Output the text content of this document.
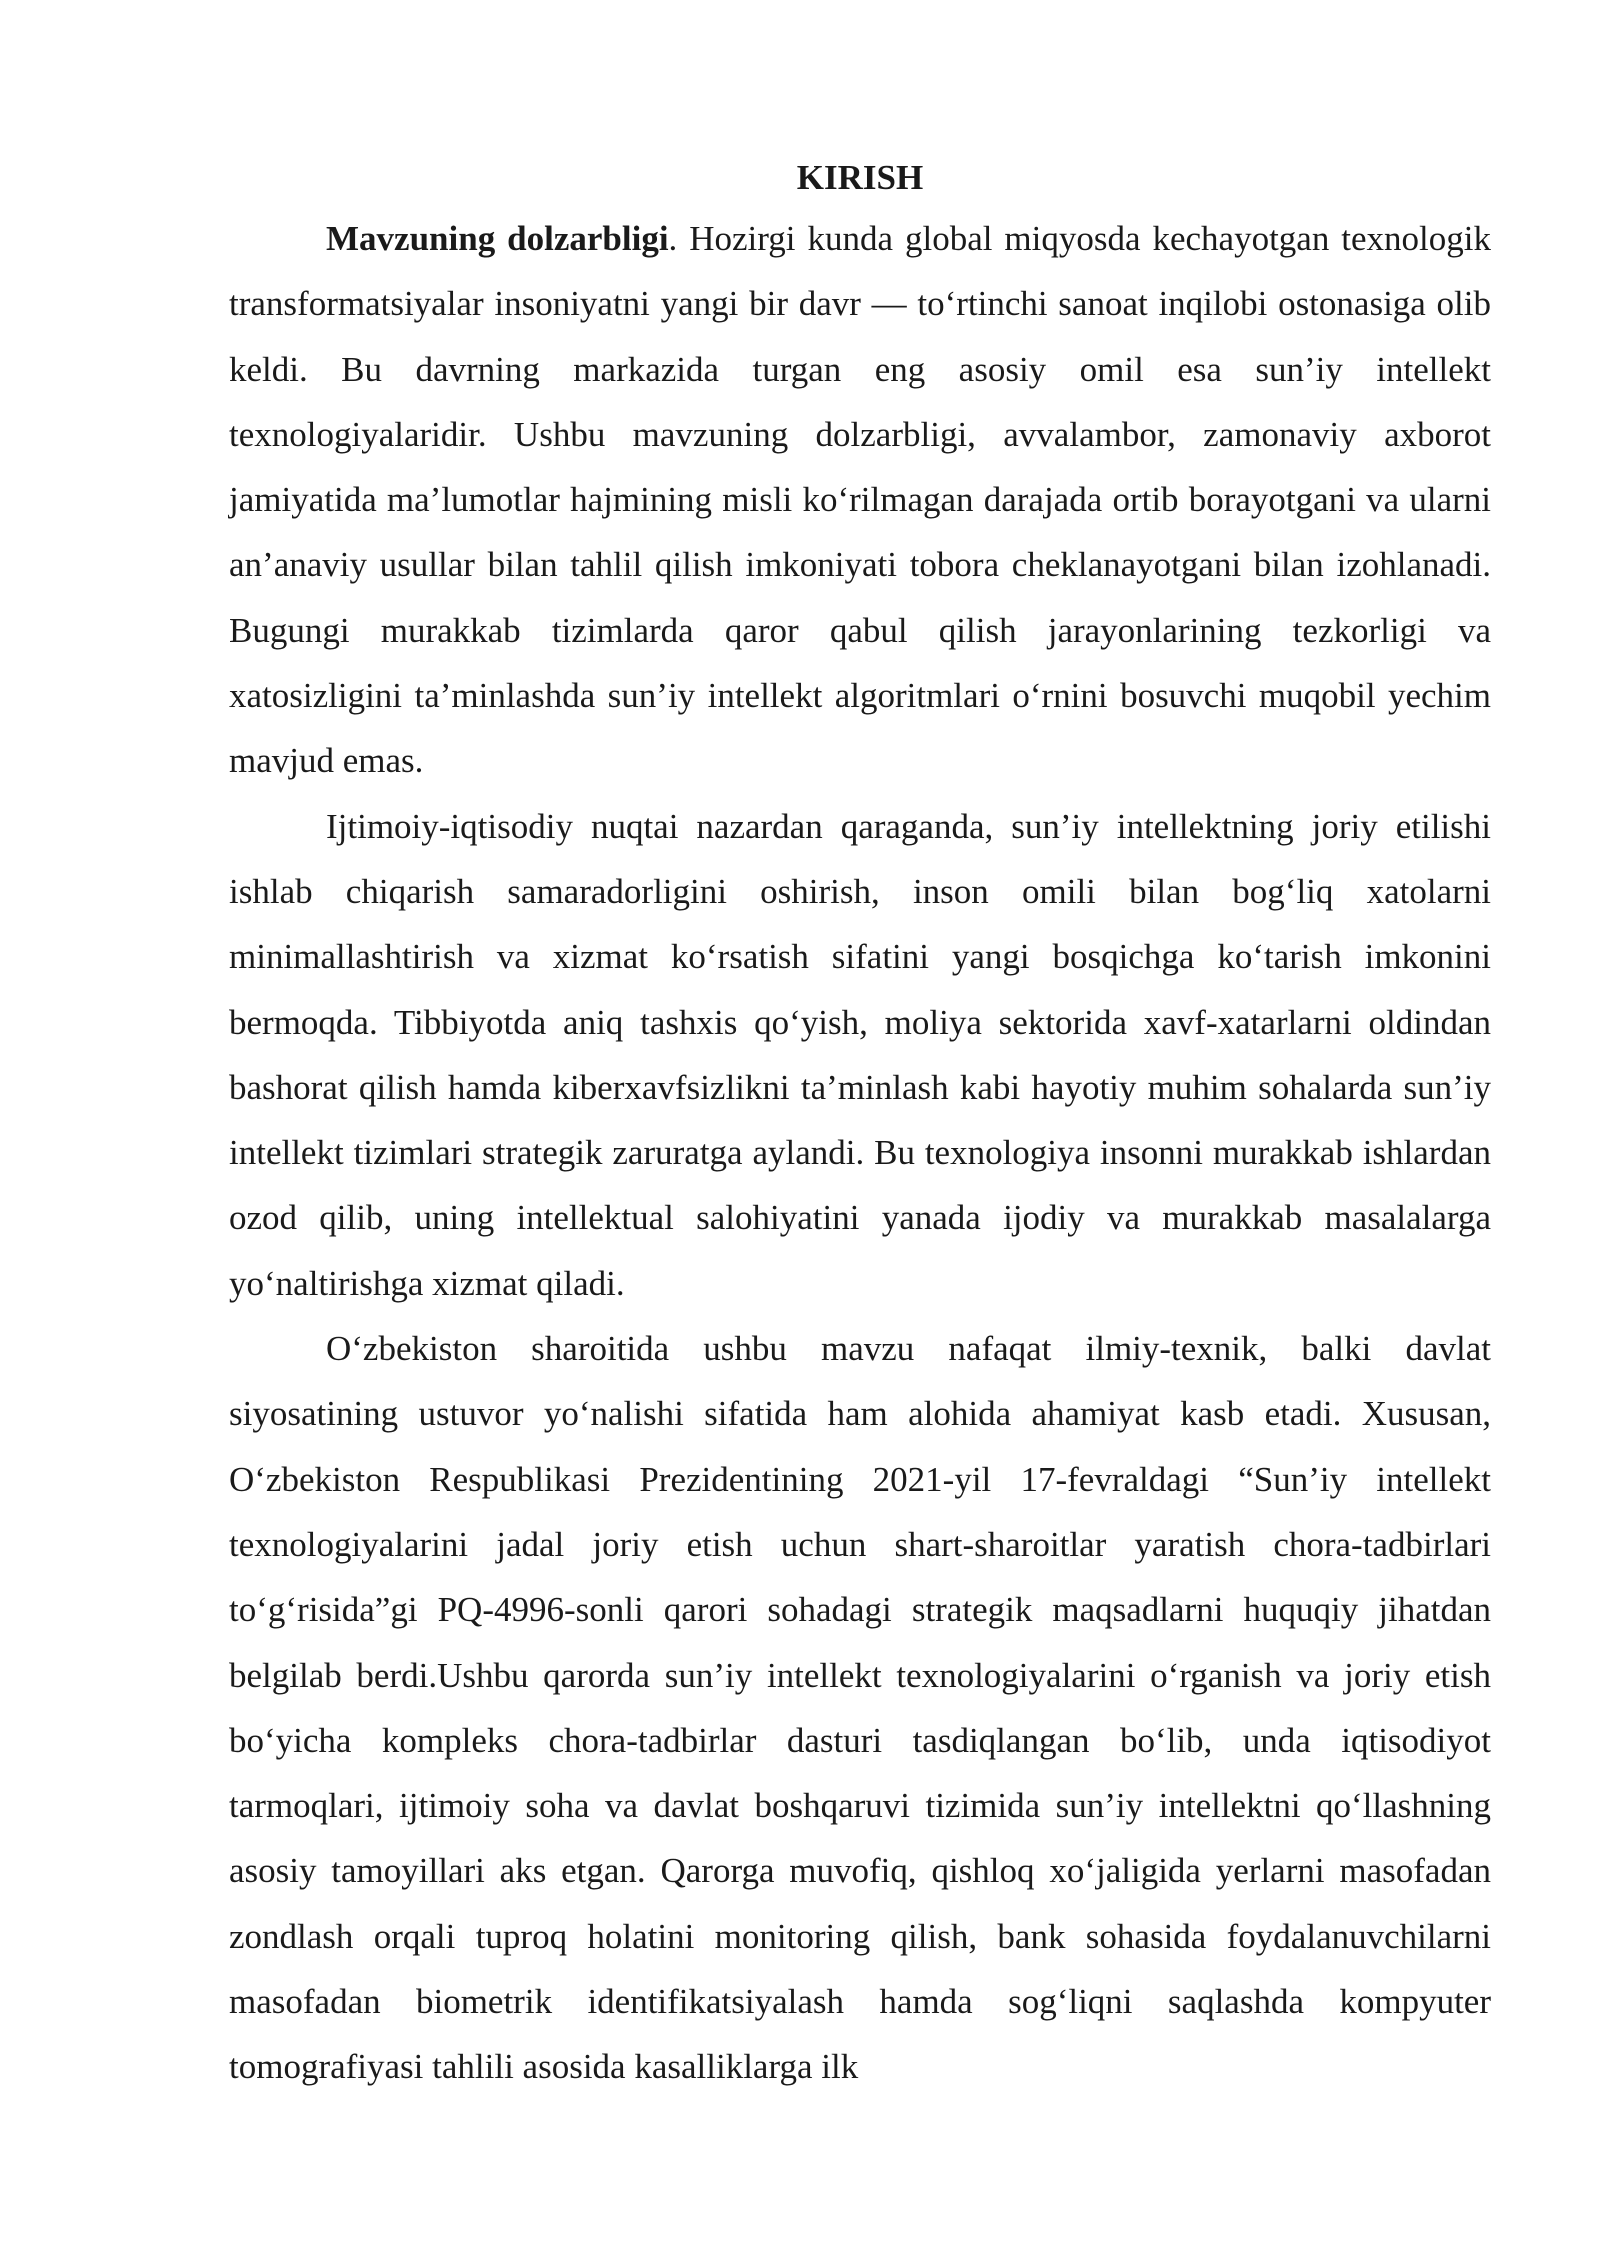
KIRISH

Mavzuning dolzarbligi. Hozirgi kunda global miqyosda kechayotgan texnologik transformatsiyalar insoniyatni yangi bir davr — to‘rtinchi sanoat inqilobi ostonasiga olib keldi. Bu davrning markazida turgan eng asosiy omil esa sun’iy intellekt texnologiyalaridir. Ushbu mavzuning dolzarbligi, avvalambor, zamonaviy axborot jamiyatida ma’lumotlar hajmining misli ko‘rilmagan darajada ortib borayotgani va ularni an’anaviy usullar bilan tahlil qilish imkoniyati tobora cheklanayotgani bilan izohlanadi. Bugungi murakkab tizimlarda qaror qabul qilish jarayonlarining tezkorligi va xatosizligini ta’minlashda sun’iy intellekt algoritmlari o‘rnini bosuvchi muqobil yechim mavjud emas.

Ijtimoiy-iqtisodiy nuqtai nazardan qaraganda, sun’iy intellektning joriy etilishi ishlab chiqarish samaradorligini oshirish, inson omili bilan bog‘liq xatolarni minimallashtirish va xizmat ko‘rsatish sifatini yangi bosqichga ko‘tarish imkonini bermoqda. Tibbiyotda aniq tashxis qo‘yish, moliya sektorida xavf-xatarlarni oldindan bashorat qilish hamda kiberxavfsizlikni ta’minlash kabi hayotiy muhim sohalarda sun’iy intellekt tizimlari strategik zaruratga aylandi. Bu texnologiya insonni murakkab ishlardan ozod qilib, uning intellektual salohiyatini yanada ijodiy va murakkab masalalarga yo‘naltirishga xizmat qiladi.

O‘zbekiston sharoitida ushbu mavzu nafaqat ilmiy-texnik, balki davlat siyosatining ustuvor yo‘nalishi sifatida ham alohida ahamiyat kasb etadi. Xususan, O‘zbekiston Respublikasi Prezidentining 2021-yil 17-fevraldagi “Sun’iy intellekt texnologiyalarini jadal joriy etish uchun shart-sharoitlar yaratish chora-tadbirlari to‘g‘risida”gi PQ-4996-sonli qarori sohadagi strategik maqsadlarni huquqiy jihatdan belgilab berdi.Ushbu qarorda sun’iy intellekt texnologiyalarini o‘rganish va joriy etish bo‘yicha kompleks chora-tadbirlar dasturi tasdiqlangan bo‘lib, unda iqtisodiyot tarmoqlari, ijtimoiy soha va davlat boshqaruvi tizimida sun’iy intellektni qo‘llashning asosiy tamoyillari aks etgan. Qarorga muvofiq, qishloq xo‘jaligida yerlarni masofadan zondlash orqali tuproq holatini monitoring qilish, bank sohasida foydalanuvchilarni masofadan biometrik identifikatsiyalash hamda sog‘liqni saqlashda kompyuter tomografiyasi tahlili asosida kasalliklarga ilk
